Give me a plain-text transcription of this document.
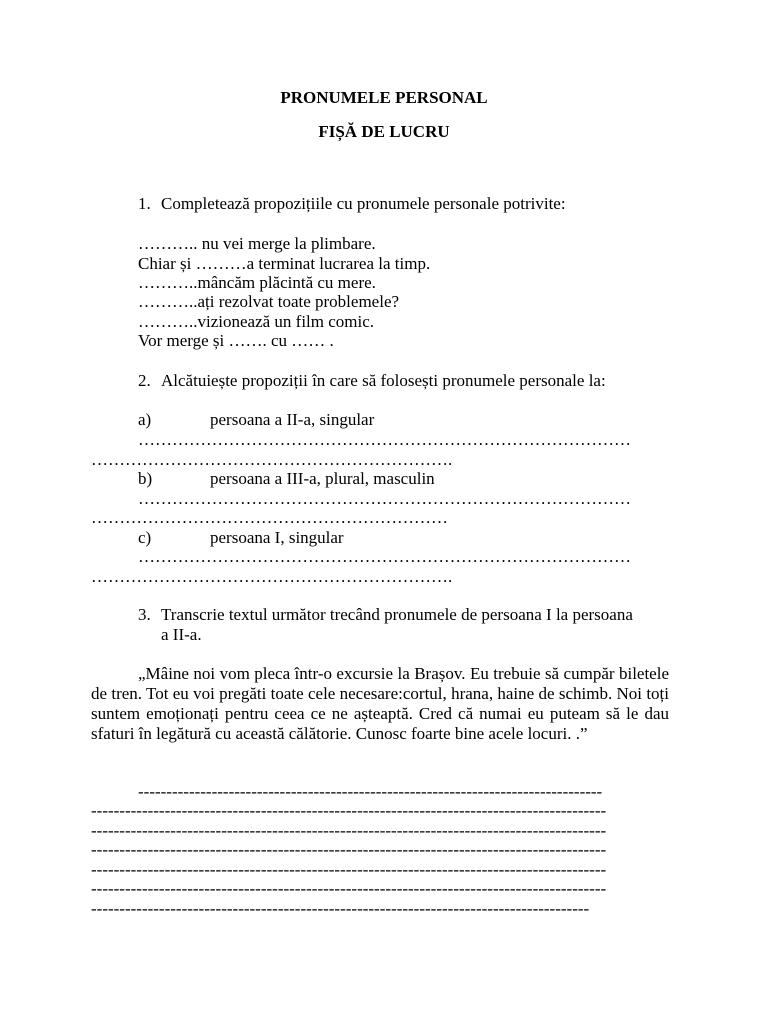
PRONUMELE PERSONAL
FIȘĂ DE LUCRU
1. Completează propozițiile cu pronumele personale potrivite:
……….. nu vei merge la plimbare.
Chiar și ………a terminat lucrarea la timp.
………..mâncăm plăcintă cu mere.
………..ați rezolvat toate problemele?
………..vizionează un film comic.
Vor merge și ……. cu …… .
2. Alcătuiește propoziții în care să folosești pronumele personale la:
a)	persoana a II-a, singular
……………………………………………………………………………
……………………………………………………….
b)	persoana a III-a, plural, masculin
……………………………………………………………………………
………………………………………………………
c)	persoana I, singular
……………………………………………………………………………
……………………………………………………….
3. Transcrie textul următor trecând pronumele de persoana I la persoana
a II-a.
„Mâine noi vom pleca într-o excursie la Brașov. Eu trebuie să cumpăr biletele de tren. Tot eu voi pregăti toate cele necesare:cortul, hrana, haine de schimb. Noi toți suntem emoționați pentru ceea ce ne așteaptă. Cred că numai eu puteam să le dau sfaturi în legătură cu această călătorie. Cunosc foarte bine acele locuri. .”
----------------------------------------------------------------------------------
-------------------------------------------------------------------------------------------
-------------------------------------------------------------------------------------------
-------------------------------------------------------------------------------------------
-------------------------------------------------------------------------------------------
-------------------------------------------------------------------------------------------
----------------------------------------------------------------------------------------
